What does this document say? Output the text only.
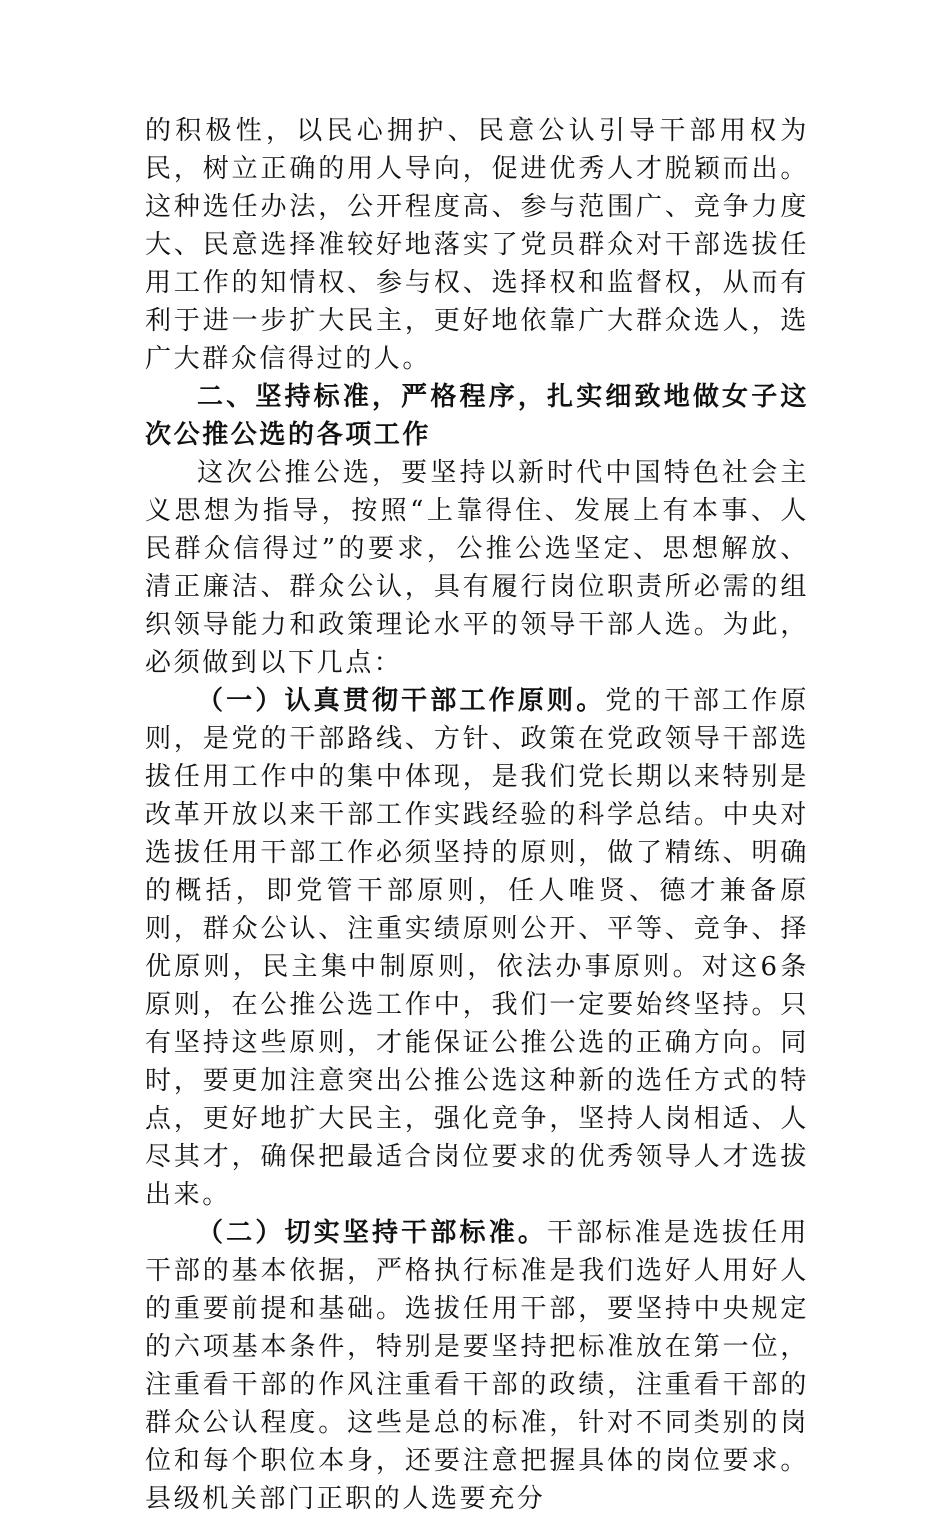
的积极性，以民心拥护、民意公认引导干部用权为民，树立正确的用人导向，促进优秀人才脱颖而出。这种选任办法，公开程度高、参与范围广、竞争力度大、民意选择准较好地落实了党员群众对干部选拔任用工作的知情权、参与权、选择权和监督权，从而有利于进一步扩大民主，更好地依靠广大群众选人，选广大群众信得过的人。

二、坚持标准，严格程序，扎实细致地做女子这次公推公选的各项工作

这次公推公选，要坚持以新时代中国特色社会主义思想为指导，按照“上靠得住、发展上有本事、人民群众信得过”的要求，公推公选坚定、思想解放、清正廉洁、群众公认，具有履行岗位职责所必需的组织领导能力和政策理论水平的领导干部人选。为此，必须做到以下几点：

（一）认真贯彻干部工作原则。党的干部工作原则，是党的干部路线、方针、政策在党政领导干部选拔任用工作中的集中体现，是我们党长期以来特别是改革开放以来干部工作实践经验的科学总结。中央对选拔任用干部工作必须坚持的原则，做了精练、明确的概括，即党管干部原则，任人唯贤、德才兼备原则，群众公认、注重实绩原则公开、平等、竞争、择优原则，民主集中制原则，依法办事原则。对这6条原则，在公推公选工作中，我们一定要始终坚持。只有坚持这些原则，才能保证公推公选的正确方向。同时，要更加注意突出公推公选这种新的选任方式的特点，更好地扩大民主，强化竞争，坚持人岗相适、人尽其才，确保把最适合岗位要求的优秀领导人才选拔出来。

（二）切实坚持干部标准。干部标准是选拔任用干部的基本依据，严格执行标准是我们选好人用好人的重要前提和基础。选拔任用干部，要坚持中央规定的六项基本条件，特别是要坚持把标准放在第一位，注重看干部的作风注重看干部的政绩，注重看干部的群众公认程度。这些是总的标准，针对不同类别的岗位和每个职位本身，还要注意把握具体的岗位要求。县级机关部门正职的人选要充分
